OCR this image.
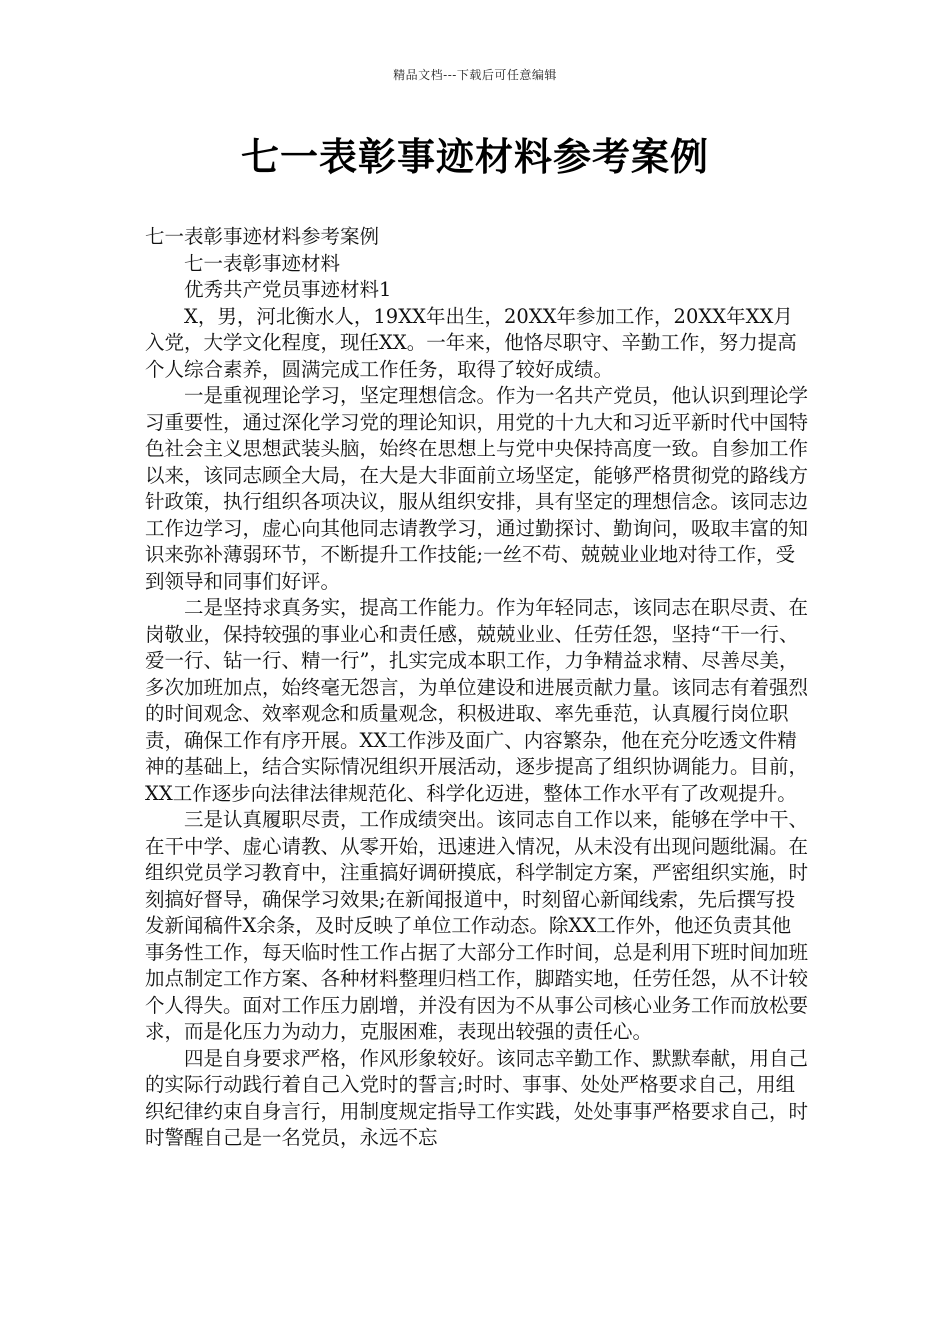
精品文档---下载后可任意编辑
七一表彰事迹材料参考案例

七一表彰事迹材料参考案例

七一表彰事迹材料

优秀共产党员事迹材料1

X，男，河北衡水人，19XX年出生，20XX年参加工作，20XX年XX月入党，大学文化程度，现任XX。一年来，他恪尽职守、辛勤工作，努力提高个人综合素养，圆满完成工作任务，取得了较好成绩。

一是重视理论学习，坚定理想信念。作为一名共产党员，他认识到理论学习重要性，通过深化学习党的理论知识，用党的十九大和习近平新时代中国特色社会主义思想武装头脑，始终在思想上与党中央保持高度一致。自参加工作以来，该同志顾全大局，在大是大非面前立场坚定，能够严格贯彻党的路线方针政策，执行组织各项决议，服从组织安排，具有坚定的理想信念。该同志边工作边学习，虚心向其他同志请教学习，通过勤探讨、勤询问，吸取丰富的知识来弥补薄弱环节，不断提升工作技能;一丝不苟、兢兢业业地对待工作，受到领导和同事们好评。

二是坚持求真务实，提高工作能力。作为年轻同志，该同志在职尽责、在岗敬业，保持较强的事业心和责任感，兢兢业业、任劳任怨，坚持“干一行、爱一行、钻一行、精一行”，扎实完成本职工作，力争精益求精、尽善尽美，多次加班加点，始终毫无怨言，为单位建设和进展贡献力量。该同志有着强烈的时间观念、效率观念和质量观念，积极进取、率先垂范，认真履行岗位职责，确保工作有序开展。XX工作涉及面广、内容繁杂，他在充分吃透文件精神的基础上，结合实际情况组织开展活动，逐步提高了组织协调能力。目前，XX工作逐步向法律法律规范化、科学化迈进，整体工作水平有了改观提升。

三是认真履职尽责，工作成绩突出。该同志自工作以来，能够在学中干、在干中学、虚心请教、从零开始，迅速进入情况，从未没有出现问题纰漏。在组织党员学习教育中，注重搞好调研摸底，科学制定方案，严密组织实施，时刻搞好督导，确保学习效果;在新闻报道中，时刻留心新闻线索，先后撰写投发新闻稿件X余条，及时反映了单位工作动态。除XX工作外，他还负责其他事务性工作，每天临时性工作占据了大部分工作时间，总是利用下班时间加班加点制定工作方案、各种材料整理归档工作，脚踏实地，任劳任怨，从不计较个人得失。面对工作压力剧增，并没有因为不从事公司核心业务工作而放松要求，而是化压力为动力，克服困难，表现出较强的责任心。

四是自身要求严格，作风形象较好。该同志辛勤工作、默默奉献，用自己的实际行动践行着自己入党时的誓言;时时、事事、处处严格要求自己，用组织纪律约束自身言行，用制度规定指导工作实践，处处事事严格要求自己，时时警醒自己是一名党员，永远不忘
